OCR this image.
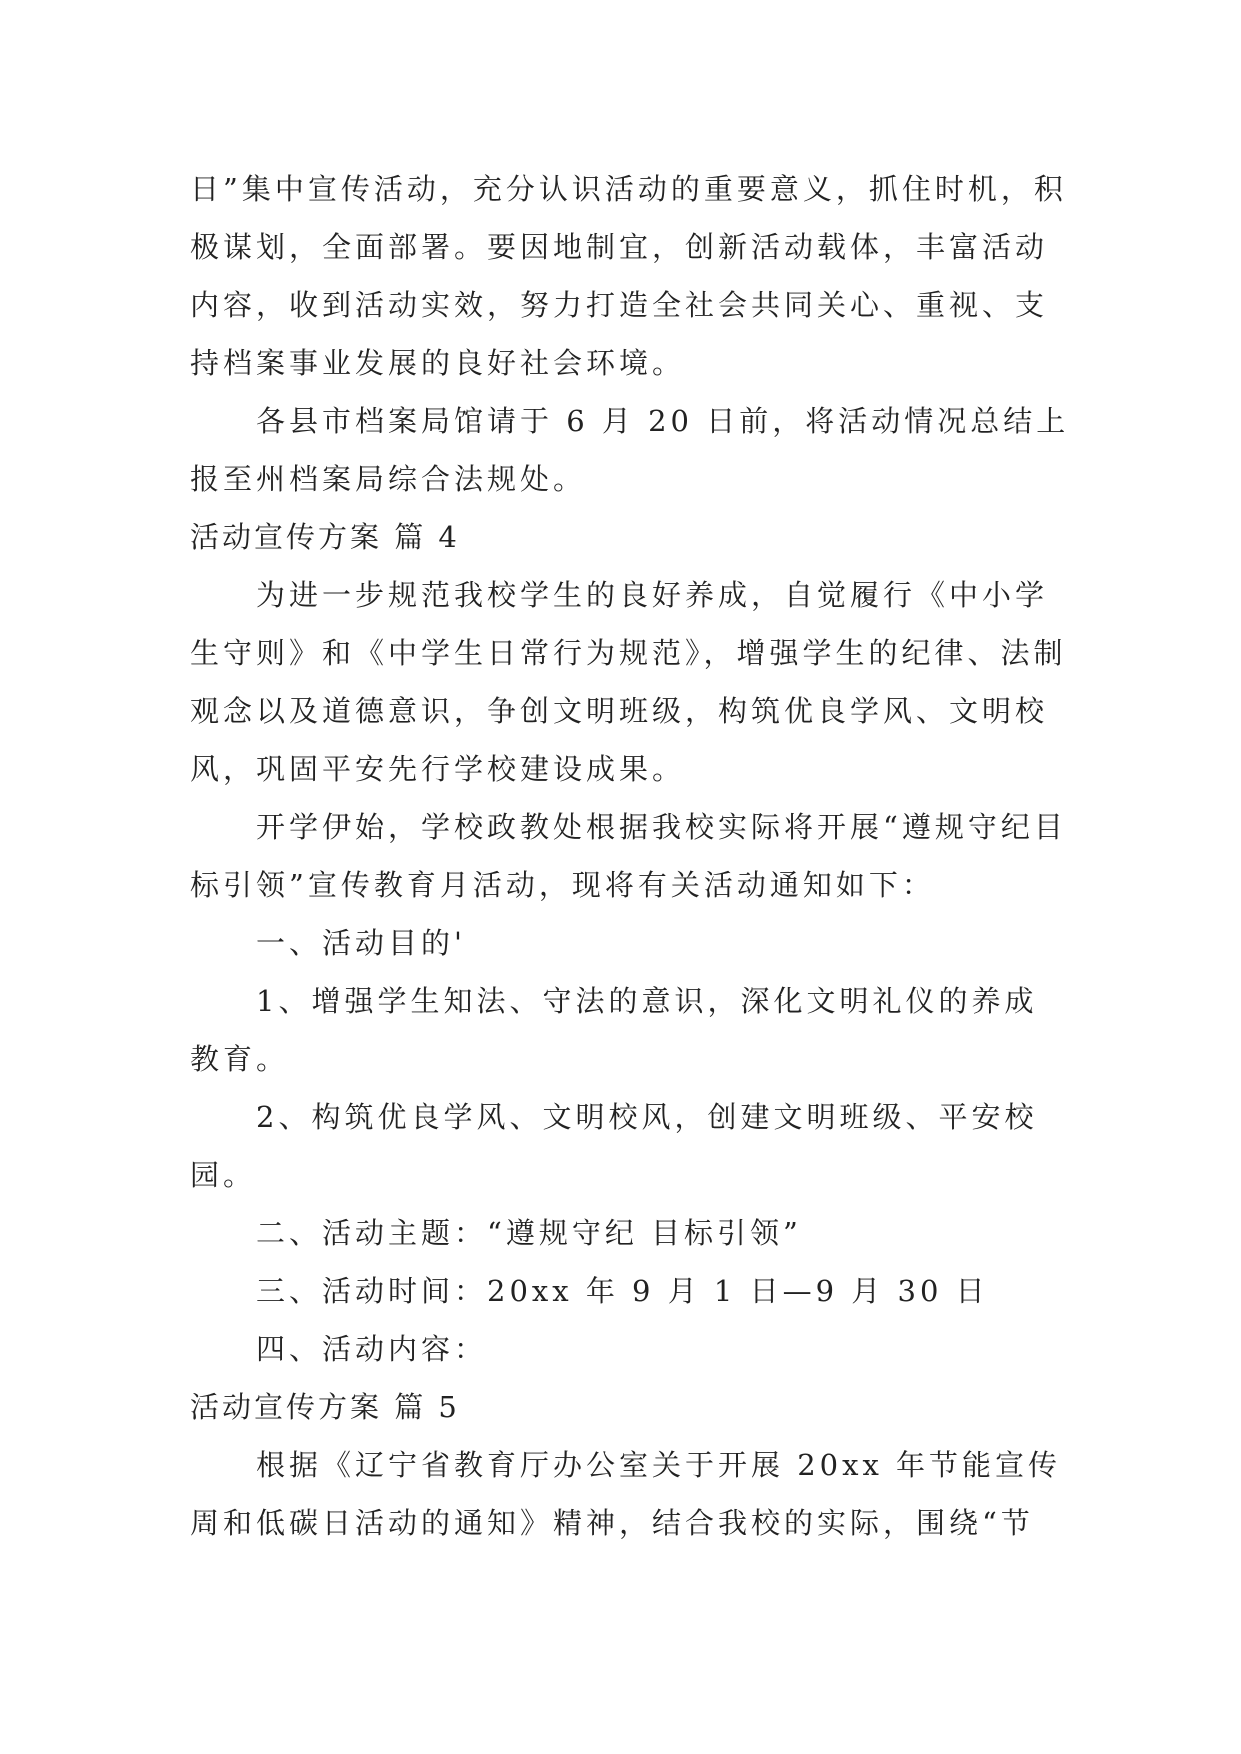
日”集中宣传活动，充分认识活动的重要意义，抓住时机，积极谋划，全面部署。要因地制宜，创新活动载体，丰富活动内容，收到活动实效，努力打造全社会共同关心、重视、支持档案事业发展的良好社会环境。

各县市档案局馆请于 6 月 20 日前，将活动情况总结上报至州档案局综合法规处。

活动宣传方案 篇 4

为进一步规范我校学生的良好养成，自觉履行《中小学生守则》和《中学生日常行为规范》，增强学生的纪律、法制观念以及道德意识，争创文明班级，构筑优良学风、文明校风，巩固平安先行学校建设成果。

开学伊始，学校政教处根据我校实际将开展“遵规守纪目标引领”宣传教育月活动，现将有关活动通知如下：

一、活动目的'

1、增强学生知法、守法的意识，深化文明礼仪的养成教育。

2、构筑优良学风、文明校风，创建文明班级、平安校园。

二、活动主题：“遵规守纪 目标引领”

三、活动时间：20xx 年 9 月 1 日—9 月 30 日

四、活动内容：

活动宣传方案 篇 5

根据《辽宁省教育厅办公室关于开展 20xx 年节能宣传周和低碳日活动的通知》精神，结合我校的实际，围绕“节
